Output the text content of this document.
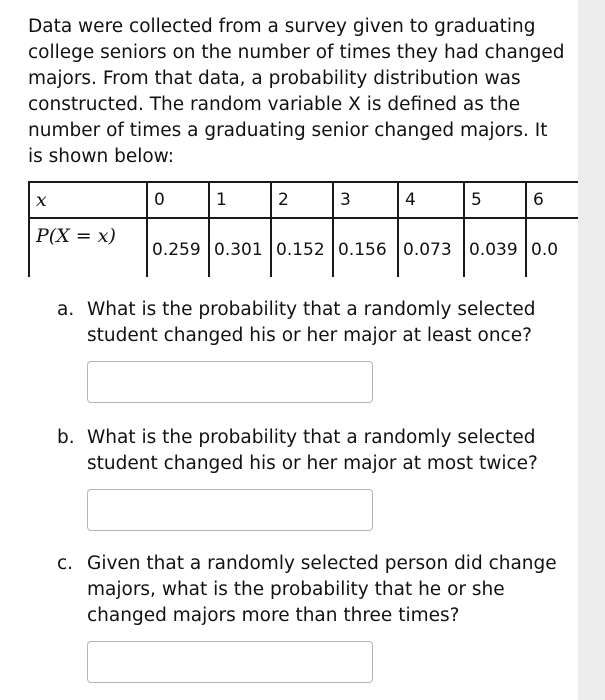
Data were collected from a survey given to graduating college seniors on the number of times they had changed majors. From that data, a probability distribution was constructed. The random variable X is defined as the number of times a graduating senior changed majors. It is shown below:

x	0	1	2	3	4	5	6
P(X = x)	0.259	0.301	0.152	0.156	0.073	0.039	0.0

a. What is the probability that a randomly selected student changed his or her major at least once?

b. What is the probability that a randomly selected student changed his or her major at most twice?

c. Given that a randomly selected person did change majors, what is the probability that he or she changed majors more than three times?
